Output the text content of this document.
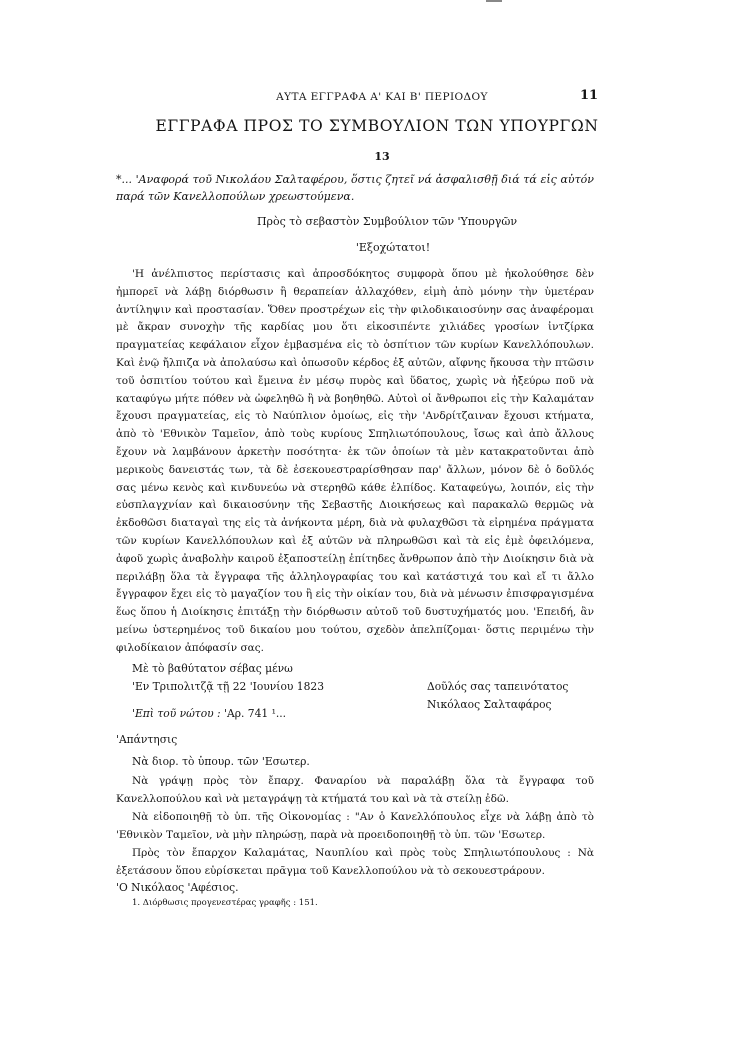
ΑΥΤΑ ΕΓΓΡΑΦΑ Α' ΚΑΙ Β' ΠΕΡΙΟΔΟΥ	11
ΕΓΓΡΑΦΑ ΠΡΟΣ ΤΟ ΣΥΜΒΟΥΛΙΟΝ ΤΩΝ ΥΠΟΥΡΓΩΝ
13
*... 'Αναφορά τοῦ Νικολάου Σαλταφέρου, ὅστις ζητεῖ νά ἀσφαλισθῇ διά τά εἰς αὐτόν παρά τῶν Κανελλοπούλων χρεωστούμενα.
Πρὸς τὸ σεβαστὸν Συμβούλιον τῶν 'Υπουργῶν
'Εξοχώτατοι!
'Η ἀνέλπιστος περίστασις καὶ ἀπροσδόκητος συμφορὰ ὅπου μὲ ἠκολούθησε δὲν ἠμπορεῖ νὰ λάβῃ διόρθωσιν ἢ θεραπείαν ἀλλαχόθεν, εἰμὴ ἀπὸ μόνην τὴν ὑμετέραν ἀντίληψιν καὶ προστασίαν. Ὅθεν προστρέχων εἰς τὴν φιλοδικαιοσύνην σας ἀναφέρομαι μὲ ἄκραν συνοχὴν τῆς καρδίας μου ὅτι εἰκοσιπέντε χιλιάδες γροσίων ἰντζίρκα πραγματείας κεφάλαιον εἶχον ἐμβασμένα εἰς τὸ ὀσπίτιον τῶν κυρίων Κανελλόπουλων. Καὶ ἐνῷ ἤλπιζα νὰ ἀπολαύσω καὶ ὁπωσοῦν κέρδος ἐξ αὐτῶν, αἴφνης ἤκουσα τὴν πτῶσιν τοῦ ὀσπιτίου τούτου καὶ ἔμεινα ἐν μέσῳ πυρὸς καὶ ὕδατος, χωρὶς νὰ ἠξεύρω ποῦ νὰ καταφύγω μήτε πόθεν νὰ ὠφεληθῶ ἢ νὰ βοηθηθῶ. Αὐτοὶ οἱ ἄνθρωποι εἰς τὴν Καλαμάταν ἔχουσι πραγματείας, εἰς τὸ Ναύπλιον ὁμοίως, εἰς τὴν 'Ανδρίτζαιναν ἔχουσι κτήματα, ἀπὸ τὸ 'Εθνικὸν Ταμεῖον, ἀπὸ τοὺς κυρίους Σπηλιωτόπουλους, ἴσως καὶ ἀπὸ ἄλλους ἔχουν νὰ λαμβάνουν ἀρκετὴν ποσότητα· ἐκ τῶν ὁποίων τὰ μὲν κατακρατοῦνται ἀπὸ μερικοὺς δανειστάς των, τὰ δὲ ἐσεκουεστραρίσθησαν παρ' ἄλλων, μόνον δὲ ὁ δοῦλός σας μένω κενὸς καὶ κινδυνεύω νὰ στερηθῶ κάθε ἐλπίδος. Καταφεύγω, λοιπόν, εἰς τὴν εὐσπλαγχνίαν καὶ δικαιοσύνην τῆς Σεβαστῆς Διοικήσεως καὶ παρακαλῶ θερμῶς νὰ ἐκδοθῶσι διαταγαὶ της εἰς τὰ ἀνήκοντα μέρη, διὰ νὰ φυλαχθῶσι τὰ εἰρημένα πράγματα τῶν κυρίων Κανελλόπουλων καὶ ἐξ αὐτῶν νὰ πληρωθῶσι καὶ τὰ εἰς ἐμὲ ὀφειλόμενα, ἀφοῦ χωρὶς ἀναβολὴν καιροῦ ἐξαποστείλῃ ἐπίτηδες ἄνθρωπον ἀπὸ τὴν Διοίκησιν διὰ νὰ περιλάβῃ ὅλα τὰ ἔγγραφα τῆς ἀλληλογραφίας του καὶ κατάστιχά του καὶ εἴ τι ἄλλο ἔγγραφον ἔχει εἰς τὸ μαγαζίον του ἢ εἰς τὴν οἰκίαν του, διὰ νὰ μένωσιν ἐπισφραγισμένα ἕως ὅπου ἡ Διοίκησις ἐπιτάξῃ τὴν διόρθωσιν αὐτοῦ τοῦ δυστυχήματός μου. 'Επειδή, ἂν μείνω ὑστερημένος τοῦ δικαίου μου τούτου, σχεδὸν ἀπελπίζομαι· ὅστις περιμένω τὴν φιλοδίκαιον ἀπόφασίν σας.
Μὲ τὸ βαθύτατον σέβας μένω
'Εν Τριπολιτζᾷ τῇ 22 'Ιουνίου 1823	Δοῦλός σας ταπεινότατος
Νικόλαος Σαλταφάρος
'Επὶ τοῦ νώτου : 'Αρ. 741 ¹...
'Απάντησις
Νὰ διορ. τὸ ὑπουρ. τῶν 'Εσωτερ.
Νὰ γράψῃ πρὸς τὸν ἔπαρχ. Φαναρίου νὰ παραλάβῃ ὅλα τὰ ἔγγραφα τοῦ Κανελλοπούλου καὶ νὰ μεταγράψῃ τὰ κτήματά του καὶ νὰ τὰ στείλῃ ἐδῶ.
Νὰ εἰδοποιηθῇ τὸ ὑπ. τῆς Οἰκονομίας : "Αν ὁ Κανελλόπουλος εἶχε νὰ λάβῃ ἀπὸ τὸ 'Εθνικὸν Ταμεῖον, νὰ μὴν πληρώσῃ, παρὰ νὰ προειδοποιηθῇ τὸ ὑπ. τῶν 'Εσωτερ.
Πρὸς τὸν ἔπαρχον Καλαμάτας, Ναυπλίου καὶ πρὸς τοὺς Σπηλιωτόπουλους : Νὰ ἐξετάσουν ὅπου εὑρίσκεται πρᾶγμα τοῦ Κανελλοπούλου νὰ τὸ σεκουεστράρουν.
'Ο Νικόλαος 'Αφέσιος.
1. Διόρθωσις προγενεστέρας γραφῆς : 151.
